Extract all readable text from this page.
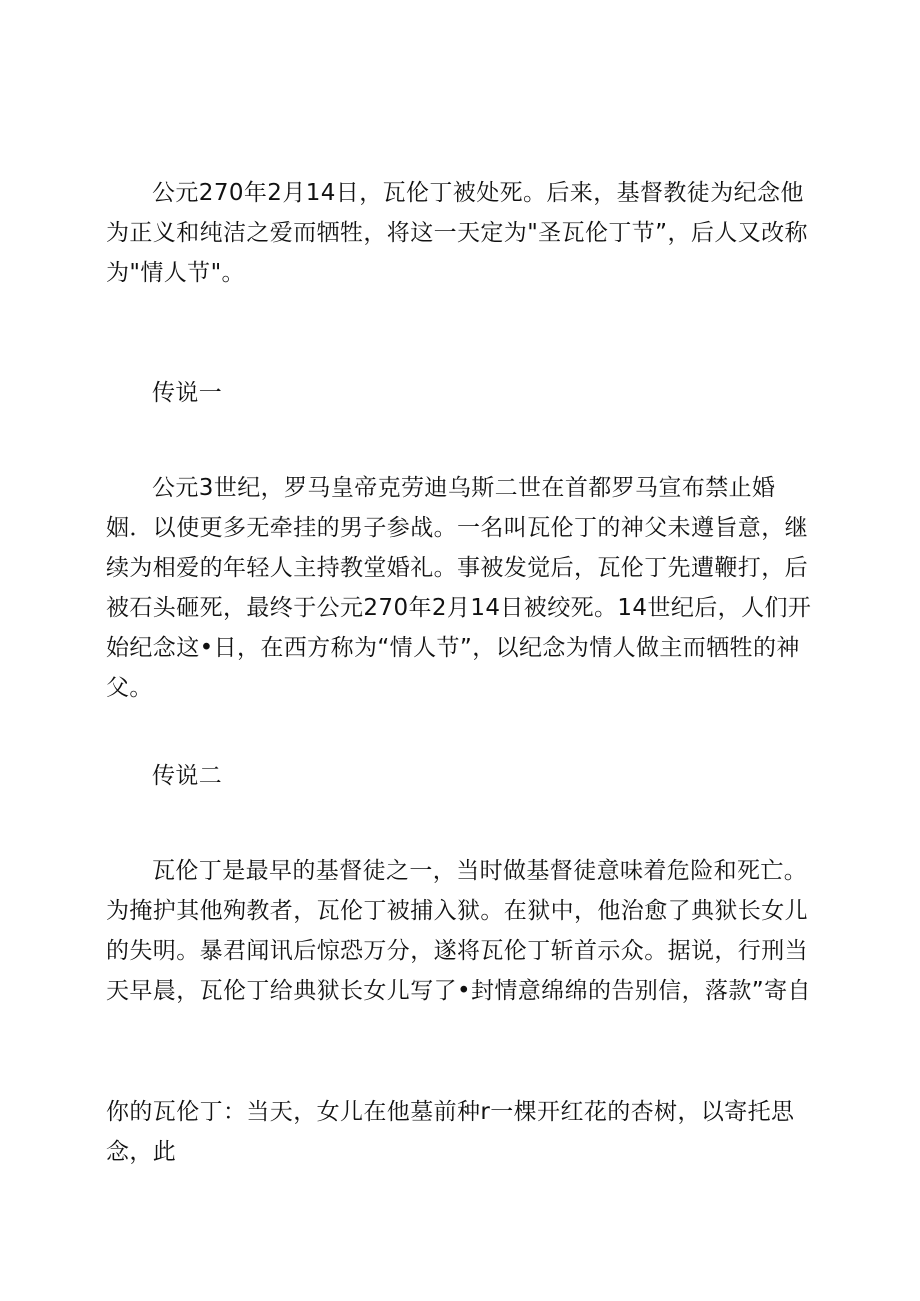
公元270年2月14日，瓦伦丁被处死。后来，基督教徒为纪念他为正义和纯洁之爱而牺牲，将这一天定为"圣瓦伦丁节”，后人又改称为"情人节"。

传说一

公元3世纪，罗马皇帝克劳迪乌斯二世在首都罗马宣布禁止婚姻．以使更多无牵挂的男子参战。一名叫瓦伦丁的神父未遵旨意，继续为相爱的年轻人主持教堂婚礼。事被发觉后，瓦伦丁先遭鞭打，后被石头砸死，最终于公元270年2月14日被绞死。14世纪后，人们开始纪念这•日，在西方称为“情人节”，以纪念为情人做主而牺牲的神父。

传说二

瓦伦丁是最早的基督徒之一，当时做基督徒意味着危险和死亡。为掩护其他殉教者，瓦伦丁被捕入狱。在狱中，他治愈了典狱长女儿的失明。暴君闻讯后惊恐万分，遂将瓦伦丁斩首示众。据说，行刑当天早晨，瓦伦丁给典狱长女儿写了•封情意绵绵的告别信，落款”寄自

你的瓦伦丁：当天，女儿在他墓前种r一棵开红花的杏树，以寄托思念，此
